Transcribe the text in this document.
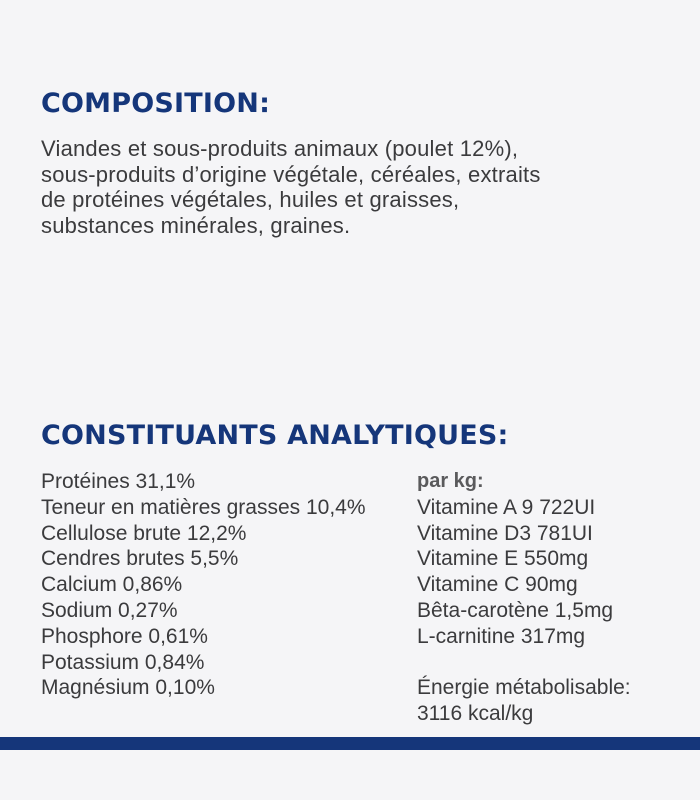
COMPOSITION:
Viandes et sous-produits animaux (poulet 12%),
sous-produits d’origine végétale, céréales, extraits
de protéines végétales, huiles et graisses,
substances minérales, graines.
CONSTITUANTS ANALYTIQUES:
Protéines 31,1%
Teneur en matières grasses 10,4%
Cellulose brute 12,2%
Cendres brutes 5,5%
Calcium 0,86%
Sodium 0,27%
Phosphore 0,61%
Potassium 0,84%
Magnésium 0,10%
par kg:
Vitamine A 9 722UI
Vitamine D3 781UI
Vitamine E 550mg
Vitamine C 90mg
Bêta-carotène 1,5mg
L-carnitine 317mg
Énergie métabolisable:
3116 kcal/kg
